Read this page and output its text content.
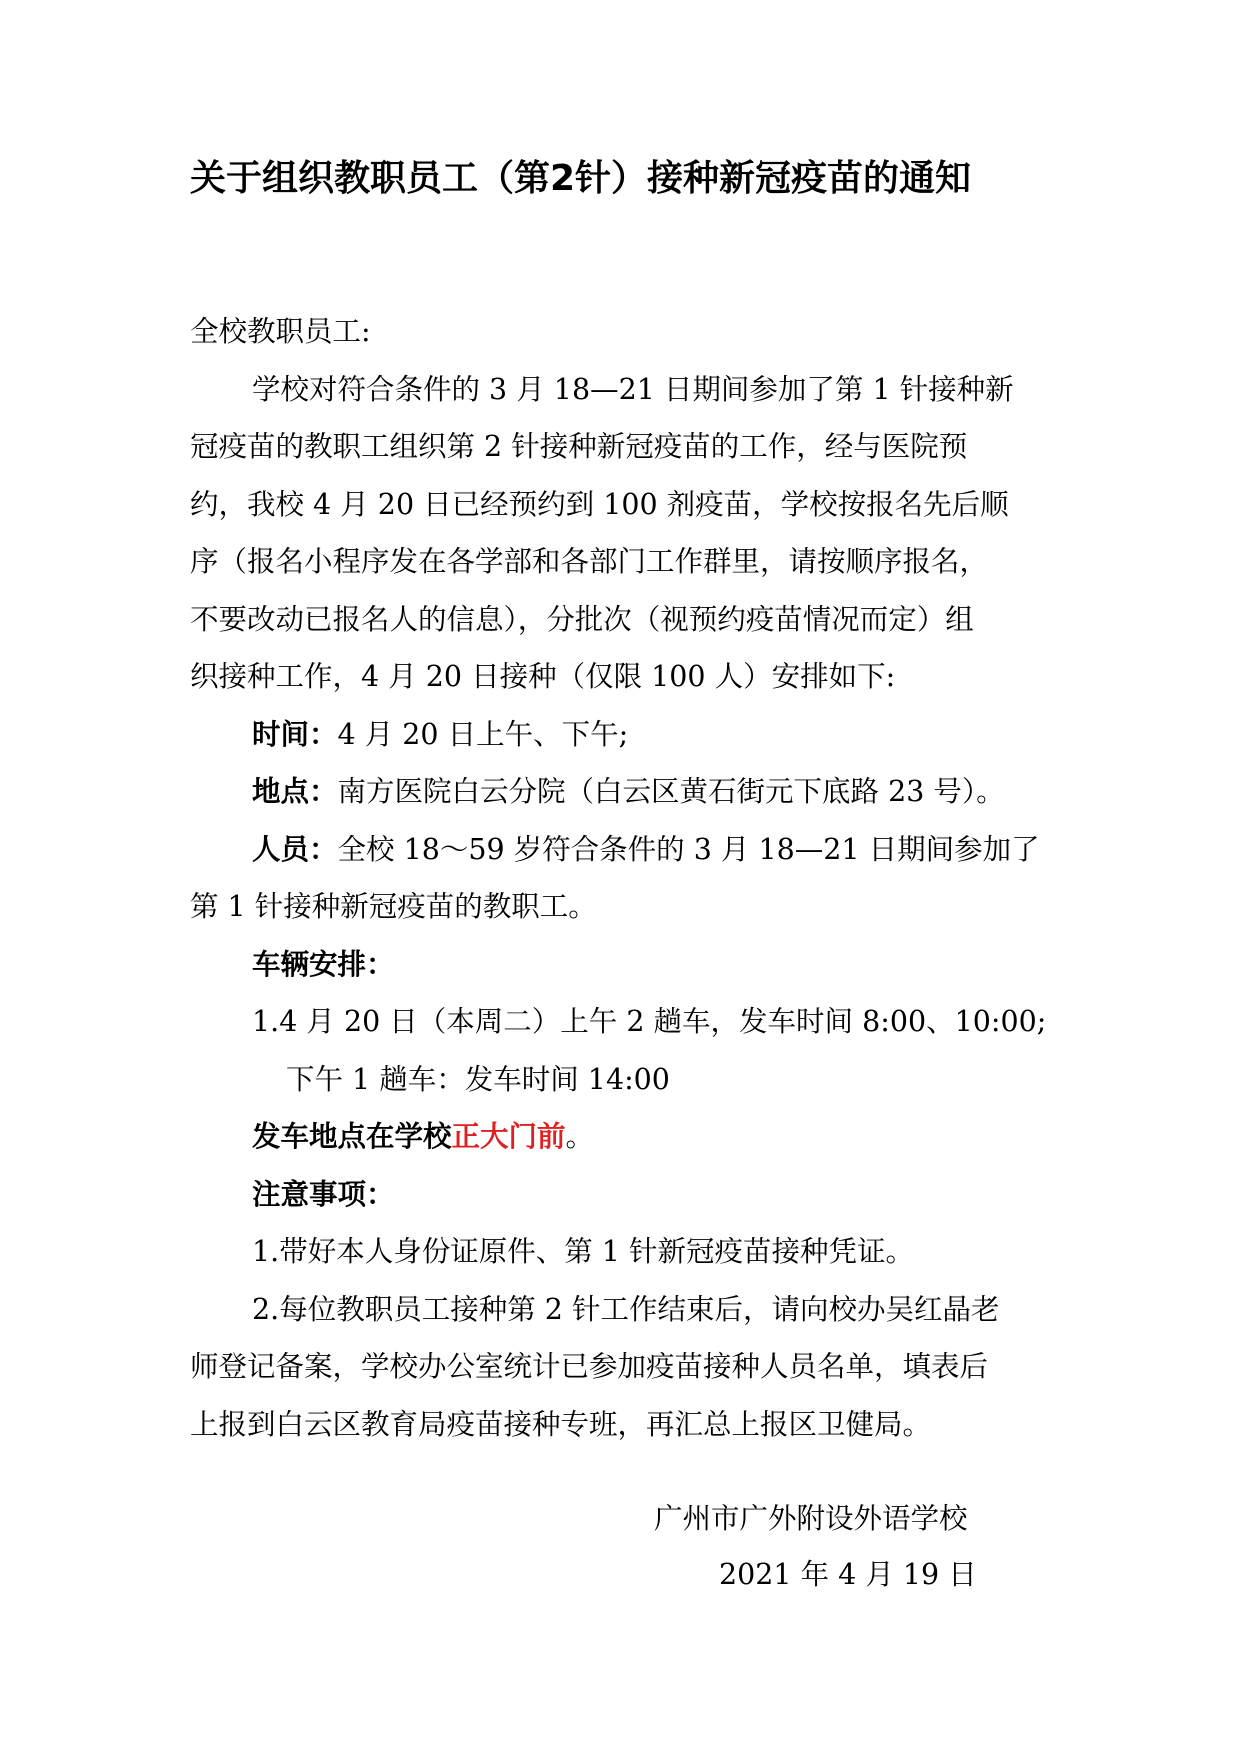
关于组织教职员工（第2针）接种新冠疫苗的通知
全校教职员工:
学校对符合条件的 3 月 18—21 日期间参加了第 1 针接种新
冠疫苗的教职工组织第 2 针接种新冠疫苗的工作，经与医院预
约，我校 4 月 20 日已经预约到 100 剂疫苗，学校按报名先后顺
序（报名小程序发在各学部和各部门工作群里，请按顺序报名，
不要改动已报名人的信息），分批次（视预约疫苗情况而定）组
织接种工作，4 月 20 日接种（仅限 100 人）安排如下:
时间：4 月 20 日上午、下午;
地点：南方医院白云分院（白云区黄石街元下底路 23 号）。
人员：全校 18～59 岁符合条件的 3 月 18—21 日期间参加了
第 1 针接种新冠疫苗的教职工。
车辆安排：
1.4 月 20 日（本周二）上午 2 趟车，发车时间 8:00、10:00;
下午 1 趟车：发车时间 14:00
发车地点在学校正大门前。
注意事项：
1.带好本人身份证原件、第 1 针新冠疫苗接种凭证。
2.每位教职员工接种第 2 针工作结束后，请向校办吴红晶老
师登记备案，学校办公室统计已参加疫苗接种人员名单，填表后
上报到白云区教育局疫苗接种专班，再汇总上报区卫健局。
广州市广外附设外语学校
2021 年 4 月 19 日
